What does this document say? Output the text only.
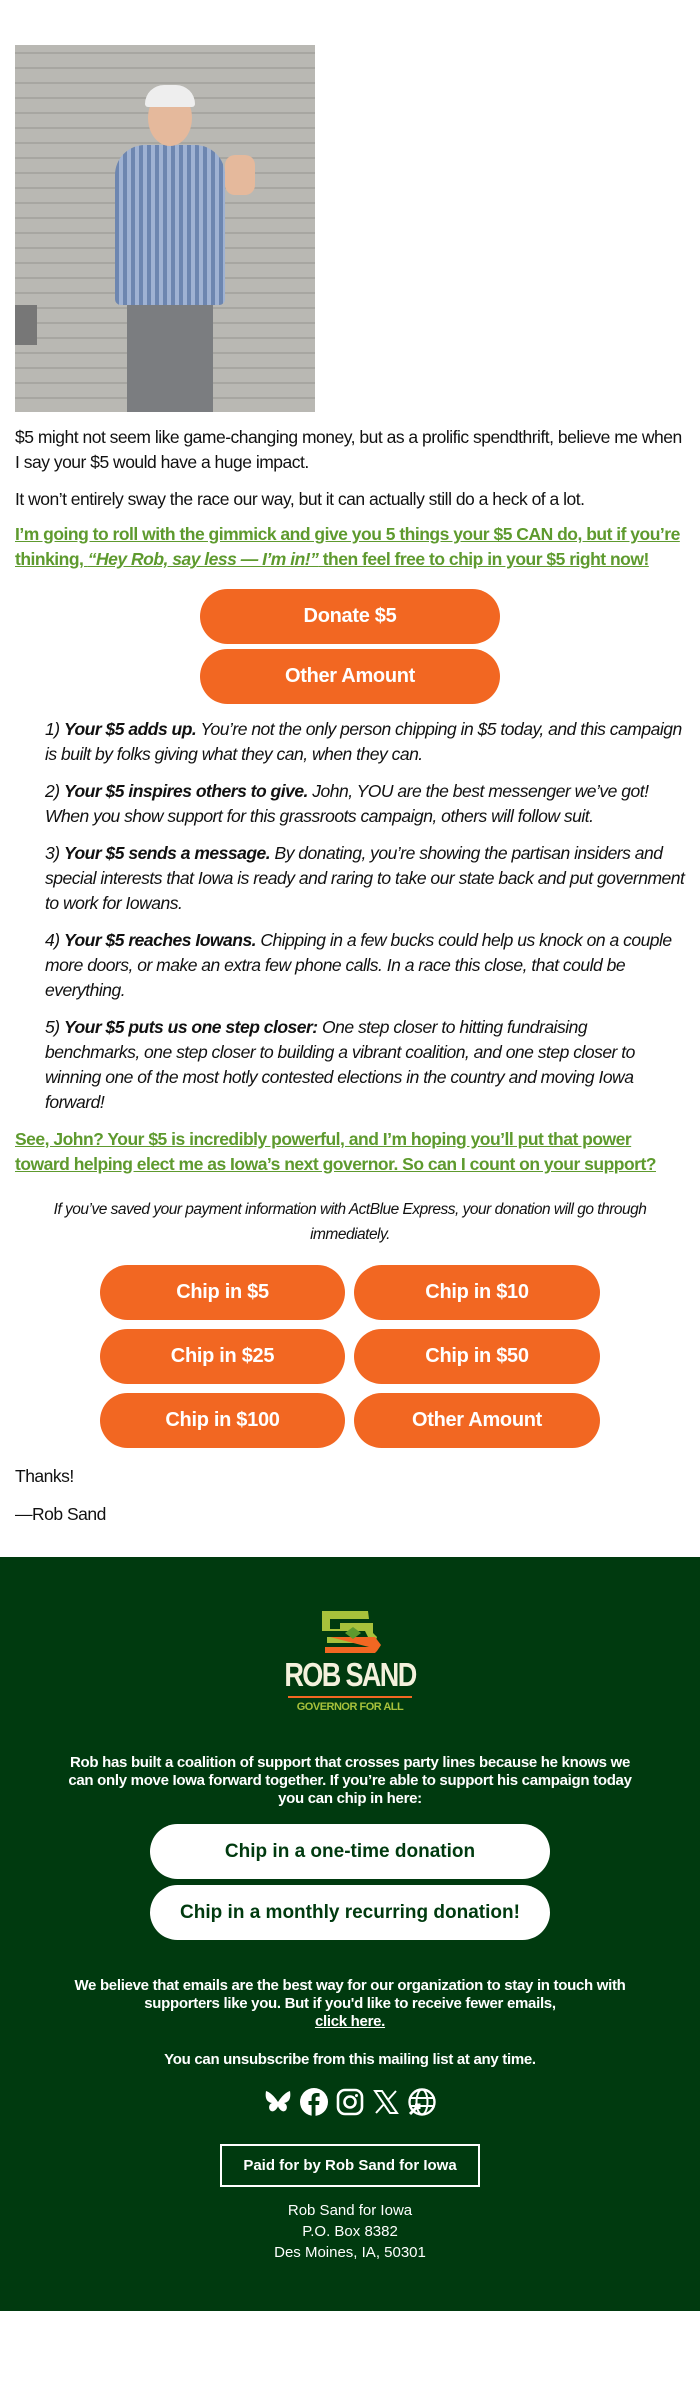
$5 might not seem like game-changing money, but as a prolific spendthrift, believe me when I say your $5 would have a huge impact.

It won’t entirely sway the race our way, but it can actually still do a heck of a lot.

I’m going to roll with the gimmick and give you 5 things your $5 CAN do, but if you’re thinking, “Hey Rob, say less — I’m in!” then feel free to chip in your $5 right now!

Donate $5
Other Amount
1) Your $5 adds up. You’re not the only person chipping in $5 today, and this campaign is built by folks giving what they can, when they can.
2) Your $5 inspires others to give. John, YOU are the best messenger we’ve got! When you show support for this grassroots campaign, others will follow suit.
3) Your $5 sends a message. By donating, you’re showing the partisan insiders and special interests that Iowa is ready and raring to take our state back and put government to work for Iowans.
4) Your $5 reaches Iowans. Chipping in a few bucks could help us knock on a couple more doors, or make an extra few phone calls. In a race this close, that could be everything.
5) Your $5 puts us one step closer: One step closer to hitting fundraising benchmarks, one step closer to building a vibrant coalition, and one step closer to winning one of the most hotly contested elections in the country and moving Iowa forward!

See, John? Your $5 is incredibly powerful, and I’m hoping you’ll put that power toward helping elect me as Iowa’s next governor. So can I count on your support?

If you’ve saved your payment information with ActBlue Express, your donation will go through immediately.

Chip in $5	Chip in $10
Chip in $25	Chip in $50
Chip in $100	Other Amount

Thanks!

—Rob Sand

ROB SAND
GOVERNOR FOR ALL
Rob has built a coalition of support that crosses party lines because he knows we can only move Iowa forward together. If you’re able to support his campaign today you can chip in here:
Chip in a one-time donation
Chip in a monthly recurring donation!
We believe that emails are the best way for our organization to stay in touch with supporters like you. But if you'd like to receive fewer emails,
click here.
You can unsubscribe from this mailing list at any time.
Paid for by Rob Sand for Iowa
Rob Sand for Iowa
P.O. Box 8382
Des Moines, IA, 50301
